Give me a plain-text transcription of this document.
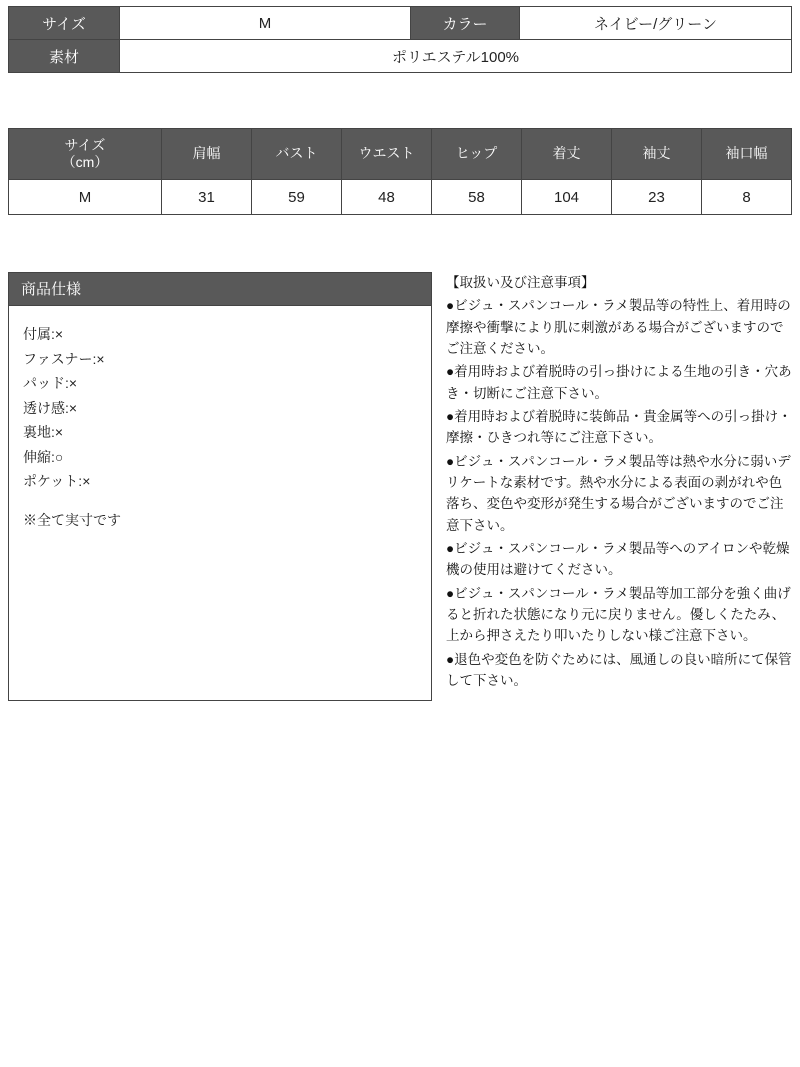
サイズ	M	カラー	ネイビー/グリーン
素材	ポリエステル100%		
サイズ
（cm）	肩幅	バスト	ウエスト	ヒップ	着丈	袖丈	袖口幅
M	31	59	48	58	104	23	8
商品仕様
付属:×
ファスナー:×
パッド:×
透け感:×
裏地:×
伸縮:○
ポケット:×
※全て実寸です
【取扱い及び注意事項】

●ビジュ・スパンコール・ラメ製品等の特性上、着用時の摩擦や衝撃により肌に刺激がある場合がございますのでご注意ください。

●着用時および着脱時の引っ掛けによる生地の引き・穴あき・切断にご注意下さい。

●着用時および着脱時に装飾品・貴金属等への引っ掛け・摩擦・ひきつれ等にご注意下さい。

●ビジュ・スパンコール・ラメ製品等は熱や水分に弱いデリケートな素材です。熱や水分による表面の剥がれや色落ち、変色や変形が発生する場合がございますのでご注意下さい。

●ビジュ・スパンコール・ラメ製品等へのアイロンや乾燥機の使用は避けてください。

●ビジュ・スパンコール・ラメ製品等加工部分を強く曲げると折れた状態になり元に戻りません。優しくたたみ、上から押さえたり叩いたりしない様ご注意下さい。

●退色や変色を防ぐためには、風通しの良い暗所にて保管して下さい。
